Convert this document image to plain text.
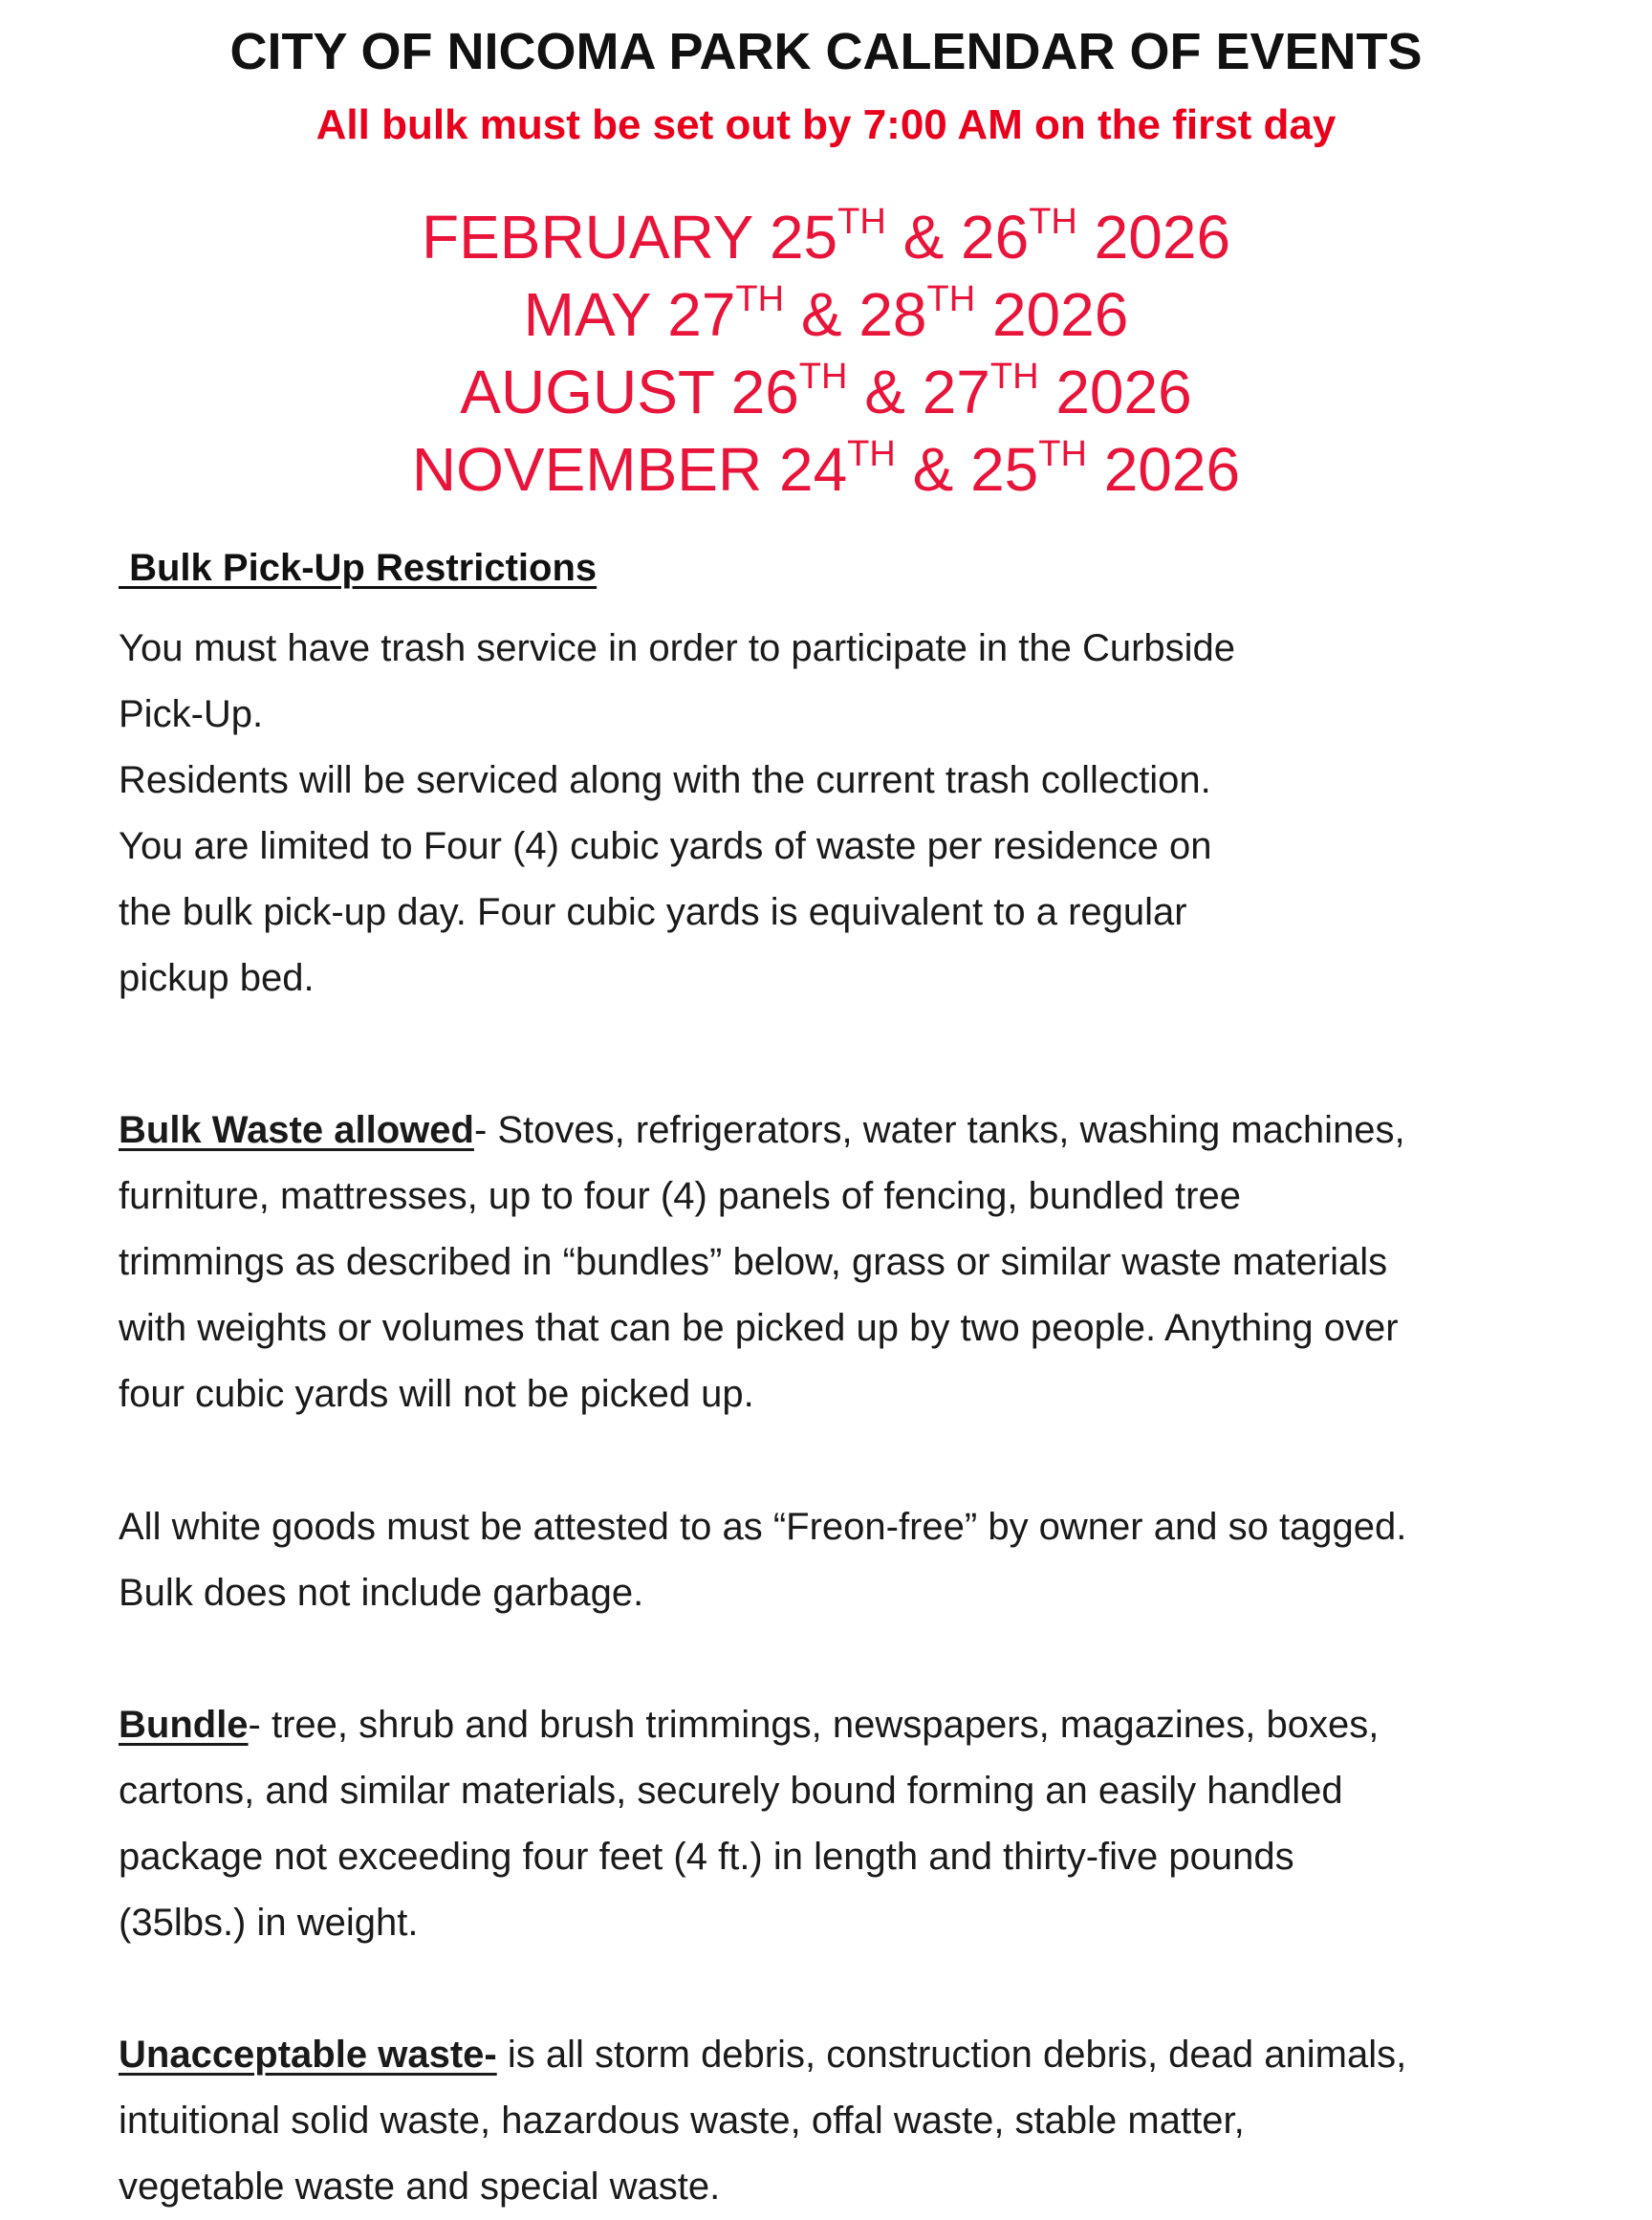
CITY OF NICOMA PARK CALENDAR OF EVENTS
All bulk must be set out by 7:00 AM on the first day
FEBRUARY 25TH & 26TH 2026
MAY 27TH & 28TH 2026
AUGUST 26TH & 27TH 2026
NOVEMBER 24TH & 25TH 2026
Bulk Pick-Up Restrictions
You must have trash service in order to participate in the Curbside
Pick-Up.
Residents will be serviced along with the current trash collection.
You are limited to Four (4) cubic yards of waste per residence on
the bulk pick-up day. Four cubic yards is equivalent to a regular
pickup bed.
Bulk Waste allowed- Stoves, refrigerators, water tanks, washing machines,
furniture, mattresses, up to four (4) panels of fencing, bundled tree
trimmings as described in “bundles” below, grass or similar waste materials
with weights or volumes that can be picked up by two people. Anything over
four cubic yards will not be picked up.
All white goods must be attested to as “Freon-free” by owner and so tagged.
Bulk does not include garbage.
Bundle- tree, shrub and brush trimmings, newspapers, magazines, boxes,
cartons, and similar materials, securely bound forming an easily handled
package not exceeding four feet (4 ft.) in length and thirty-five pounds
(35lbs.) in weight.
Unacceptable waste- is all storm debris, construction debris, dead animals,
intuitional solid waste, hazardous waste, offal waste, stable matter,
vegetable waste and special waste.
